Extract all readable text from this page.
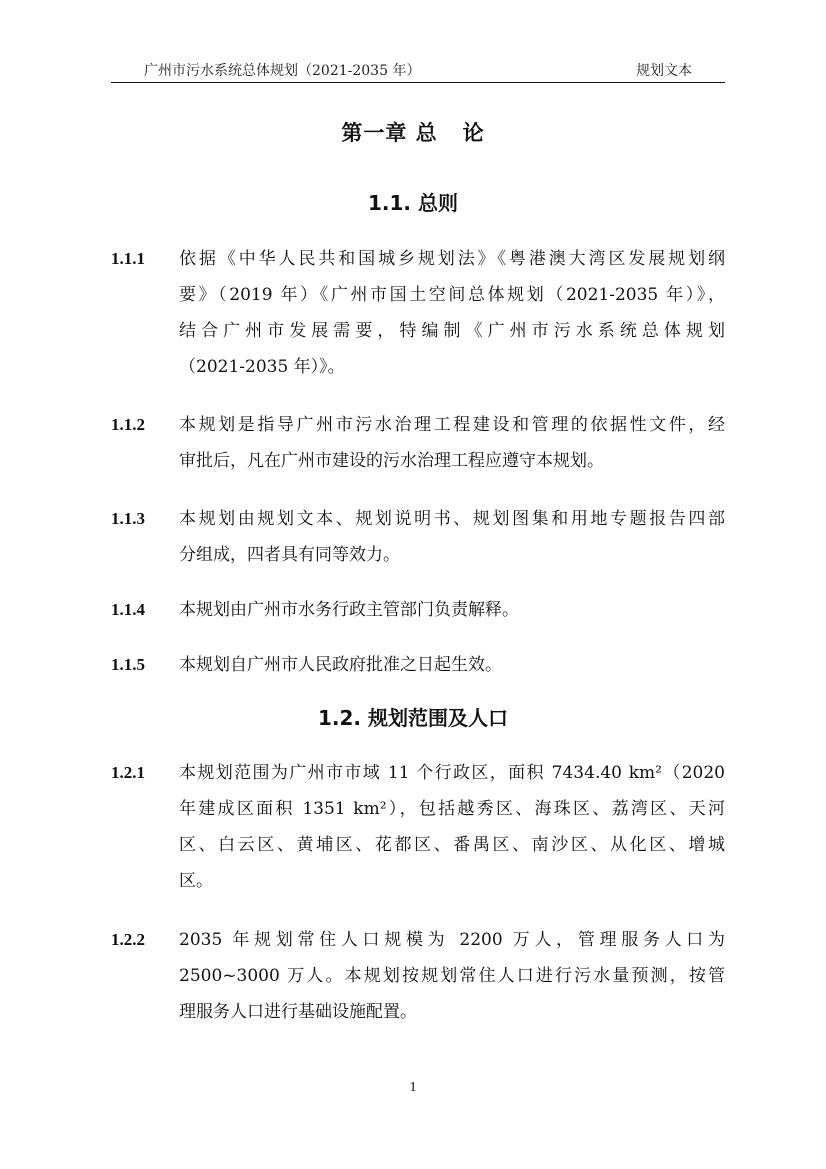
广州市污水系统总体规划（2021-2035 年）	规划文本
第一章 总   论
1.1. 总则
1.1.1 依据《中华人民共和国城乡规划法》《粤港澳大湾区发展规划纲
要》（2019 年）《广州市国土空间总体规划（2021-2035 年）》，
结合广州市发展需要，特编制《广州市污水系统总体规划
（2021-2035 年）》。
1.1.2 本规划是指导广州市污水治理工程建设和管理的依据性文件，经
审批后，凡在广州市建设的污水治理工程应遵守本规划。
1.1.3 本规划由规划文本、规划说明书、规划图集和用地专题报告四部
分组成，四者具有同等效力。
1.1.4 本规划由广州市水务行政主管部门负责解释。
1.1.5 本规划自广州市人民政府批准之日起生效。
1.2. 规划范围及人口
1.2.1 本规划范围为广州市市域 11 个行政区，面积 7434.40 km²（2020
年建成区面积 1351 km²），包括越秀区、海珠区、荔湾区、天河
区、白云区、黄埔区、花都区、番禺区、南沙区、从化区、增城
区。
1.2.2 2035 年规划常住人口规模为 2200 万人，管理服务人口为
2500~3000 万人。本规划按规划常住人口进行污水量预测，按管
理服务人口进行基础设施配置。
1
